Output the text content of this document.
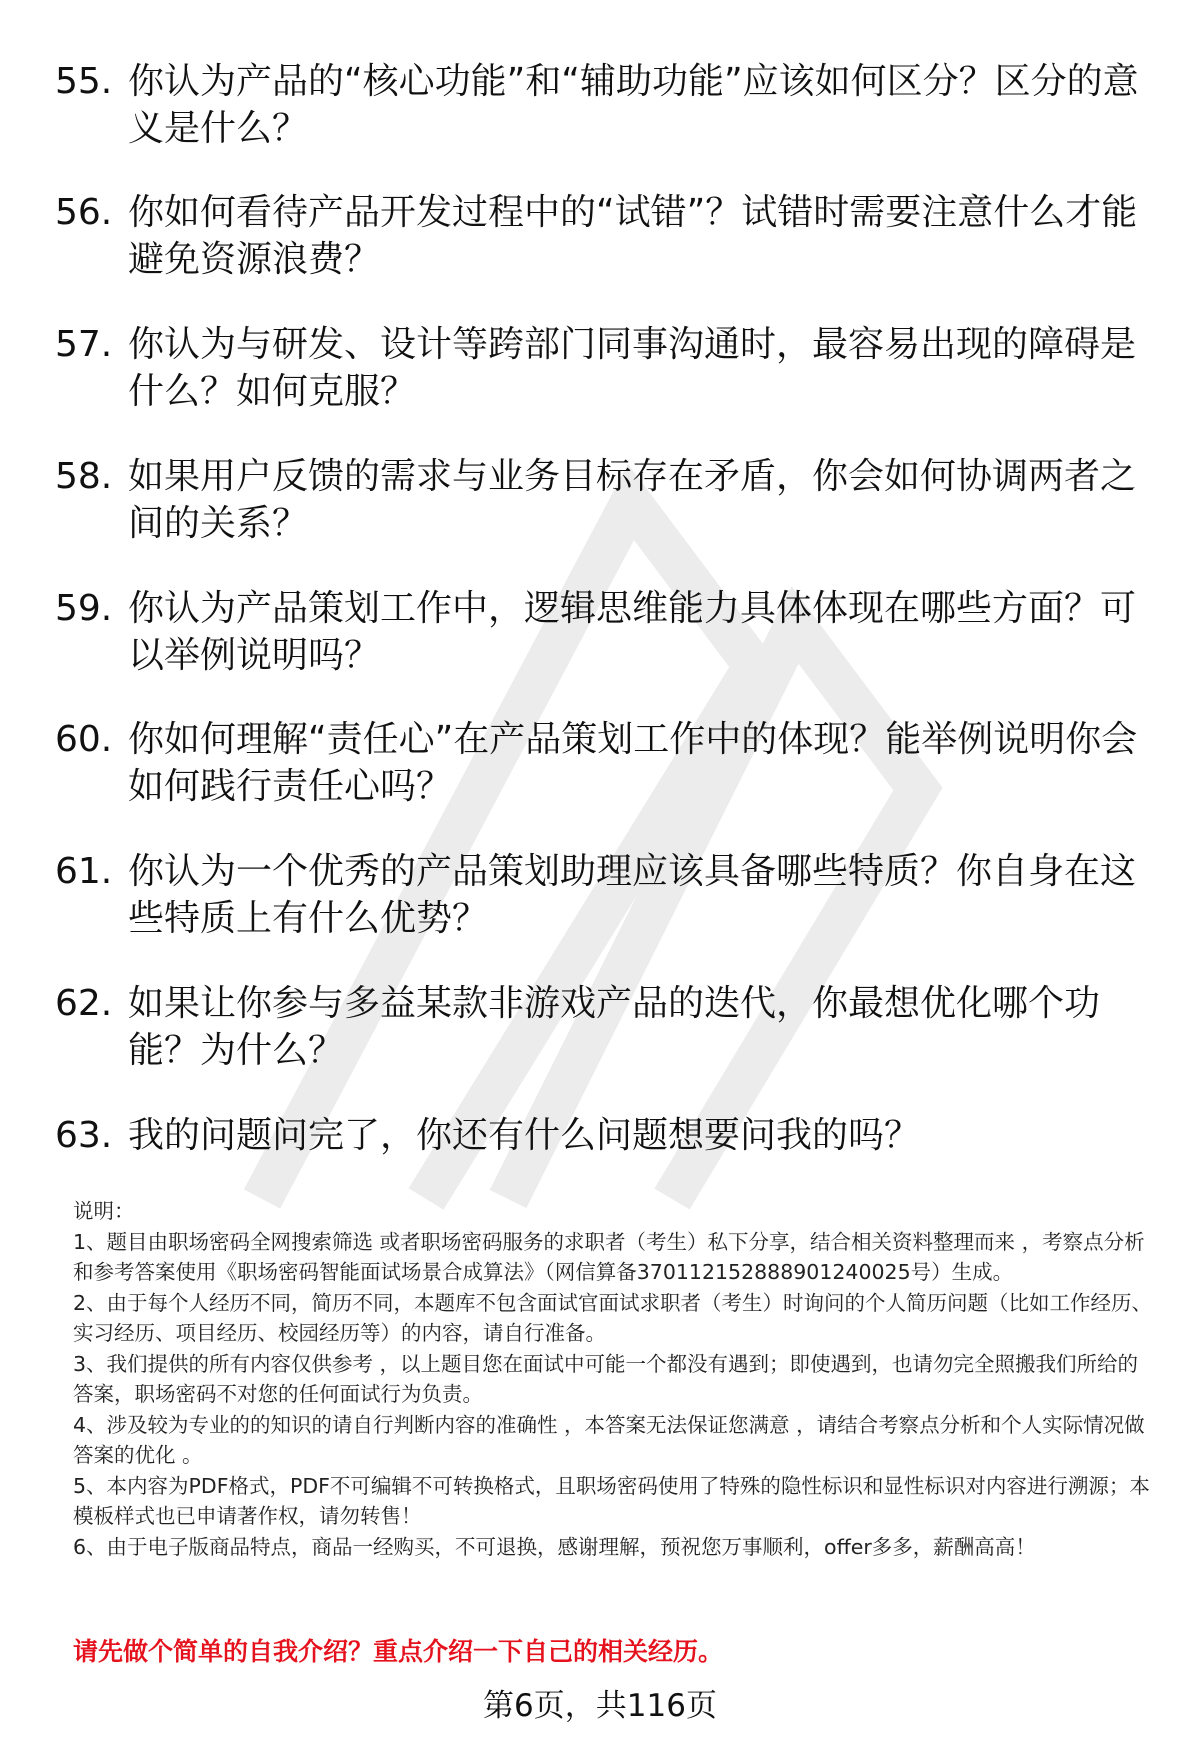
55. 你认为产品的“核心功能”和“辅助功能”应该如何区分？区分的意义是什么？
56. 你如何看待产品开发过程中的“试错”？试错时需要注意什么才能避免资源浪费？
57. 你认为与研发、设计等跨部门同事沟通时，最容易出现的障碍是什么？如何克服？
58. 如果用户反馈的需求与业务目标存在矛盾，你会如何协调两者之间的关系？
59. 你认为产品策划工作中，逻辑思维能力具体体现在哪些方面？可以举例说明吗？
60. 你如何理解“责任心”在产品策划工作中的体现？能举例说明你会如何践行责任心吗？
61. 你认为一个优秀的产品策划助理应该具备哪些特质？你自身在这些特质上有什么优势？
62. 如果让你参与多益某款非游戏产品的迭代，你最想优化哪个功能？为什么？
63. 我的问题问完了，你还有什么问题想要问我的吗？
说明：
1、题目由职场密码全网搜索筛选 或者职场密码服务的求职者（考生）私下分享，结合相关资料整理而来 ，考察点分析和参考答案使用《职场密码智能面试场景合成算法》（网信算备370112152888901240025号）生成。
2、由于每个人经历不同，简历不同，本题库不包含面试官面试求职者（考生）时询问的个人简历问题（比如工作经历、实习经历、项目经历、校园经历等）的内容，请自行准备。
3、我们提供的所有内容仅供参考 ，以上题目您在面试中可能一个都没有遇到；即使遇到，也请勿完全照搬我们所给的答案，职场密码不对您的任何面试行为负责。
4、涉及较为专业的的知识的请自行判断内容的准确性 ，本答案无法保证您满意 ，请结合考察点分析和个人实际情况做答案的优化 。
5、本内容为PDF格式，PDF不可编辑不可转换格式，且职场密码使用了特殊的隐性标识和显性标识对内容进行溯源；本模板样式也已申请著作权，请勿转售！
6、由于电子版商品特点，商品一经购买，不可退换，感谢理解，预祝您万事顺利，offer多多，薪酬高高！
请先做个简单的自我介绍？重点介绍一下自己的相关经历。
第6页，共116页
